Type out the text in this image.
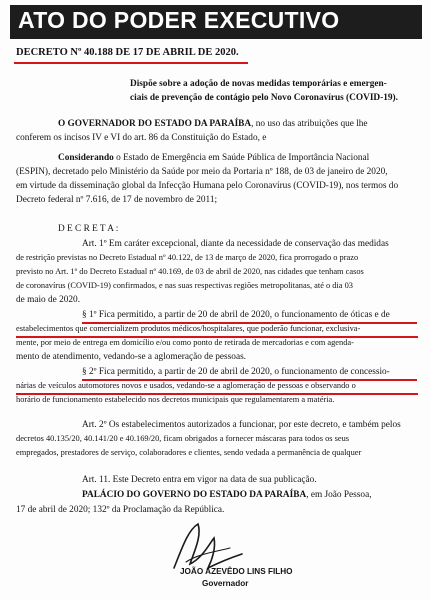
ATO DO PODER EXECUTIVO
DECRETO Nº 40.188 DE 17 DE ABRIL DE 2020.
Dispõe sobre a adoção de novas medidas temporárias e emergen-
ciais de prevenção de contágio pelo Novo Coronavírus (COVID-19).
O GOVERNADOR DO ESTADO DA PARAÍBA, no uso das atribuições que lhe
conferem os incisos IV e VI do art. 86 da Constituição do Estado, e
Considerando o Estado de Emergência em Saúde Pública de Importância Nacional
(ESPIN), decretado pelo Ministério da Saúde por meio da Portaria nº 188, de 03 de janeiro de 2020,
em virtude da disseminação global da Infecção Humana pelo Coronavírus (COVID-19), nos termos do
Decreto federal nº 7.616, de 17 de novembro de 2011;
D E C R E T A :
Art. 1º Em caráter excepcional, diante da necessidade de conservação das medidas
de restrição previstas no Decreto Estadual nº 40.122, de 13 de março de 2020, fica prorrogado o prazo
previsto no Art. 1º do Decreto Estadual nº 40.169, de 03 de abril de 2020, nas cidades que tenham casos
de coronavírus (COVID-19) confirmados, e nas suas respectivas regiões metropolitanas, até o dia 03
de maio de 2020.
§ 1º Fica permitido, a partir de 20 de abril de 2020, o funcionamento de óticas e de
estabelecimentos que comercializem produtos médicos/hospitalares, que poderão funcionar, exclusiva-
mente, por meio de entrega em domicílio e/ou como ponto de retirada de mercadorias e com agenda-
mento de atendimento, vedando-se a aglomeração de pessoas.
§ 2º Fica permitido, a partir de 20 de abril de 2020, o funcionamento de concessio-
nárias de veículos automotores novos e usados, vedando-se a aglomeração de pessoas e observando o
horário de funcionamento estabelecido nos decretos municipais que regulamentarem a matéria.
Art. 2º Os estabelecimentos autorizados a funcionar, por este decreto, e também pelos
decretos 40.135/20, 40.141/20 e 40.169/20, ficam obrigados a fornecer máscaras para todos os seus
empregados, prestadores de serviço, colaboradores e clientes, sendo vedada a permanência de qualquer
Art. 11. Este Decreto entra em vigor na data de sua publicação.
PALÁCIO DO GOVERNO DO ESTADO DA PARAÍBA, em João Pessoa,
17 de abril de 2020; 132º da Proclamação da República.
JOÃO AZEVÊDO LINS FILHO
Governador
